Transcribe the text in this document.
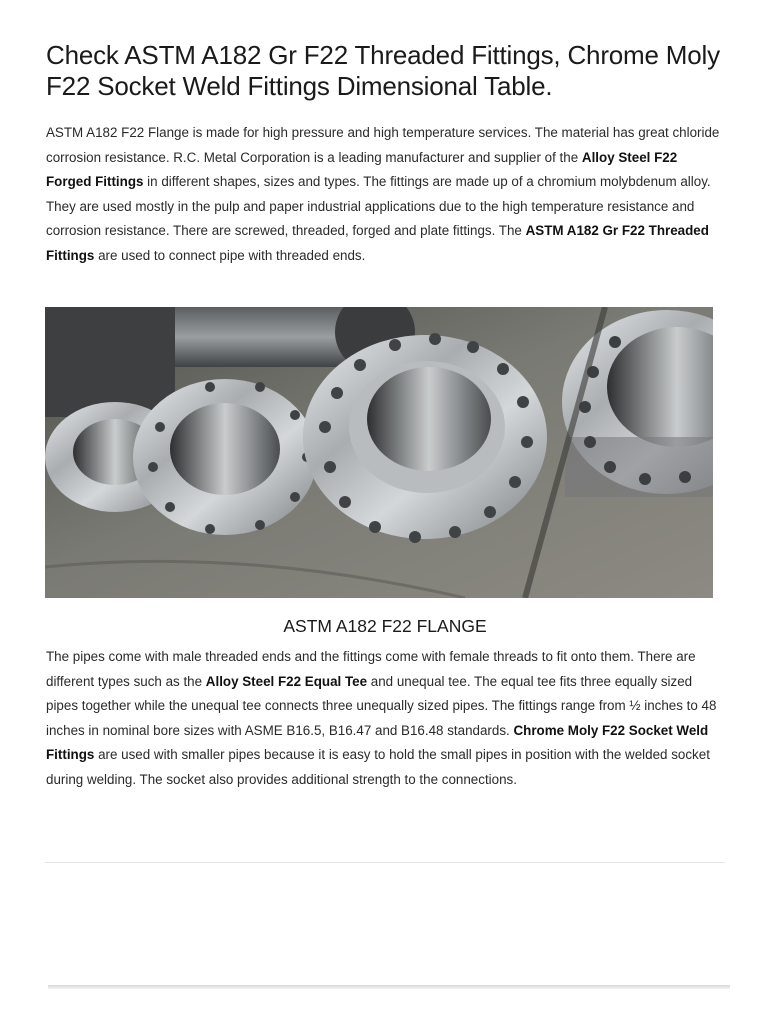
Check ASTM A182 Gr F22 Threaded Fittings, Chrome Moly F22 Socket Weld Fittings Dimensional Table.

ASTM A182 F22 Flange is made for high pressure and high temperature services. The material has great chloride corrosion resistance. R.C. Metal Corporation is a leading manufacturer and supplier of the Alloy Steel F22 Forged Fittings in different shapes, sizes and types. The fittings are made up of a chromium molybdenum alloy. They are used mostly in the pulp and paper industrial applications due to the high temperature resistance and corrosion resistance. There are screwed, threaded, forged and plate fittings. The ASTM A182 Gr F22 Threaded Fittings are used to connect pipe with threaded ends.

ASTM A182 F22 FLANGE

The pipes come with male threaded ends and the fittings come with female threads to fit onto them. There are different types such as the Alloy Steel F22 Equal Tee and unequal tee. The equal tee fits three equally sized pipes together while the unequal tee connects three unequally sized pipes. The fittings range from ½ inches to 48 inches in nominal bore sizes with ASME B16.5, B16.47 and B16.48 standards. Chrome Moly F22 Socket Weld Fittings are used with smaller pipes because it is easy to hold the small pipes in position with the welded socket during welding. The socket also provides additional strength to the connections.
